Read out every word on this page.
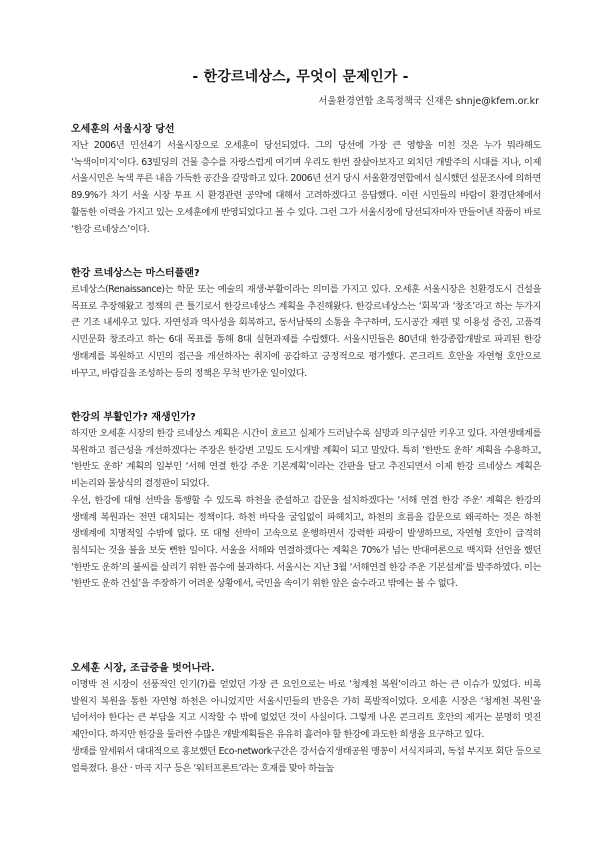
- 한강르네상스, 무엇이 문제인가 -
서울환경연합 초록정책국 신재은 shnje@kfem.or.kr

오세훈의 서울시장 당선

지난 2006년 민선4기 서울시장으로 오세훈이 당선되었다. 그의 당선에 가장 큰 영향을 미친 것은 누가 뭐라해도 ‘녹색이미지’이다. 63빌딩의 건물 층수를 자랑스럽게 여기며 우리도 한번 잘살아보자고 외치던 개발주의 시대를 지나, 이제 서울시민은 녹색 푸른 내음 가득한 공간을 갈망하고 있다. 2006년 선거 당시 서울환경연합에서 실시했던 설문조사에 의하면 89.9%가 차기 서울 시장 투표 시 환경관련 공약에 대해서 고려하겠다고 응답했다. 이런 시민들의 바람이 환경단체에서 활동한 이력을 가지고 있는 오세훈에게 반영되었다고 볼 수 있다. 그런 그가 서울시장에 당선되자마자 만들어낸 작품이 바로 ‘한강 르네상스’이다.

한강 르네상스는 마스터플랜?

르네상스(Renaissance)는 학문 또는 예술의 재생·부활이라는 의미를 가지고 있다. 오세훈 서울시장은 친환경도시 건설을 목표로 추장해왔고 정책의 큰 틀기로서 한강르네상스 계획을 추진해왔다. 한강르네상스는 ‘회복’과 ‘창조’라고 하는 두가지 큰 기조 내세우고 있다. 자연성과 역사성을 회복하고, 동서남북의 소통을 추구하며, 도시공간 재편 및 이용성 증진, 고품격 시민문화 창조라고 하는 6대 목표를 통해 8대 실현과제를 수립했다. 서울시민들은 80년대 한강종합개발로 파괴된 한강 생태계를 복원하고 시민의 접근을 개선하자는 취지에 공감하고 긍정적으로 평가했다. 콘크리트 호안을 자연형 호안으로 바꾸고, 바람길을 조성하는 등의 정책은 무척 반가운 일이었다.

한강의 부활인가? 재생인가?

하지만 오세훈 시장의 한강 르네상스 계획은 시간이 흐르고 실체가 드러날수록 실망과 의구심만 키우고 있다. 자연생태계를 복원하고 접근성을 개선하겠다는 주장은 한강변 고밀도 도시개발 계획이 되고 말았다. 특히 ‘한반도 운하’ 계획을 수용하고, ‘한반도 운하’ 계획의 일부인 ‘서해 연결 한강 주운 기본계획’이라는 간판을 달고 추진되면서 이제 한강 르네상스 계획은 비논리와 몰상식의 결정판이 되었다.

우선, 한강에 대형 선박을 통행할 수 있도록 하천을 준설하고 갑문을 설치하겠다는 ‘서해 연결 한강 주운’ 계획은 한강의 생태계 복원과는 전면 대치되는 정책이다. 하천 바닥을 굴입없이 파헤치고, 하천의 흐름을 갑문으로 왜곡하는 것은 하천 생태계에 치명적일 수밖에 없다. 또 대형 선박이 고속으로 운행하면서 강력한 파랑이 발생하므로, 자연형 호안이 급격히 침식되는 것을 불을 보듯 뻔한 일이다. 서울을 서해와 연결하겠다는 계획은 70%가 넘는 반대여론으로 백지화 선언을 했던 ‘한반도 운하’의 불씨를 살리기 위한 꼼수에 불과하다. 서울시는 지난 3월 ‘서해연결 한강 주운 기본설계’를 발주하였다. 이는 ‘한반도 운하 건설’을 주장하기 어려운 상황에서, 국민을 속이기 위한 앞은 술수라고 밖에는 볼 수 없다.

오세훈 시장, 조급증을 벗어나라.

이명박 전 시장이 선풍적인 인기(?)를 얻었던 가장 큰 요인으로는 바로 ‘청계천 복원’이라고 하는 큰 이슈가 있었다. 비록 발원지 복원을 통한 자연형 하천은 아니었지만 서울시민들의 반응은 가히 폭발적이었다. 오세훈 시장은 ‘청계천 복원’을 넘어서야 한다는 큰 부담을 지고 시작할 수 밖에 없었던 것이 사실이다. 그렇게 나온 콘크리트 호안의 제거는 분명히 멋진 제안이다. 하지만 한강을 둘러싼 수많은 개발계획들은 유유히 흘러야 할 한강에 과도한 희생을 요구하고 있다.

생태를 앞세워서 대대적으로 홍보했던 Eco-network구간은 강서습지생태공원 맹꽁이 서식지파괴, 독섬 부지포 회단 등으로 얼룩졌다. 용산 · 마곡 지구 등은 ‘워터프론트’라는 호재를 맞아 하늘높
